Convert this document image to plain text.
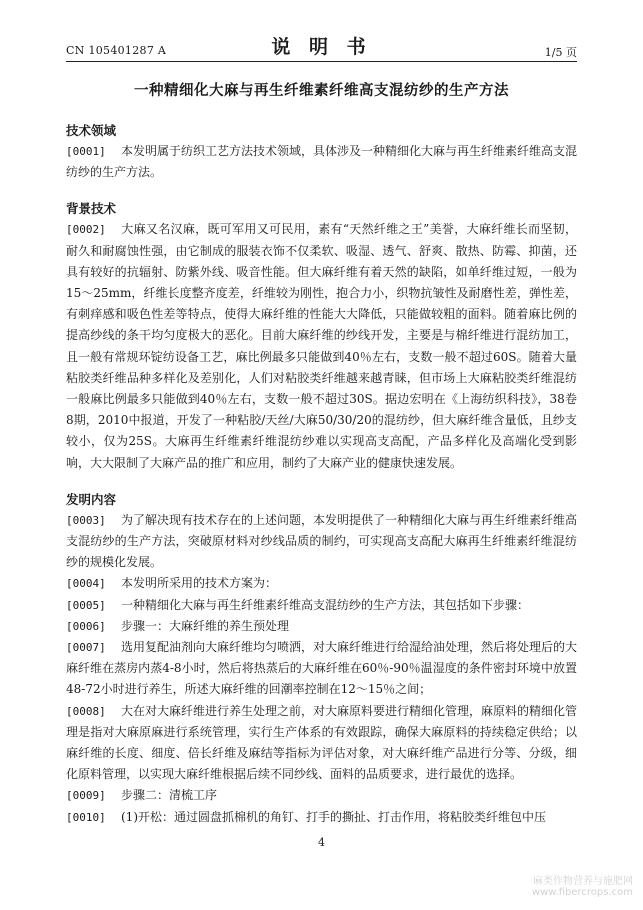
CN 105401287 A	说 明 书	1/5 页
一种精细化大麻与再生纤维素纤维高支混纺纱的生产方法
技术领域

[0001] 本发明属于纺织工艺方法技术领域，具体涉及一种精细化大麻与再生纤维素纤维高支混纺纱的生产方法。

背景技术

[0002] 大麻又名汉麻，既可军用又可民用，素有“天然纤维之王”美誉，大麻纤维长而坚韧，耐久和耐腐蚀性强，由它制成的服装衣饰不仅柔软、吸湿、透气、舒爽、散热、防霉、抑菌，还具有较好的抗辐射、防紫外线、吸音性能。但大麻纤维有着天然的缺陷，如单纤维过短，一般为15～25mm，纤维长度整齐度差，纤维较为刚性，抱合力小，织物抗皱性及耐磨性差，弹性差，有刺痒感和吸色性差等特点，使得大麻纤维的性能大大降低，只能做较粗的面料。随着麻比例的提高纱线的条干均匀度极大的恶化。目前大麻纤维的纱线开发，主要是与棉纤维进行混纺加工，且一般有常规环锭纺设备工艺，麻比例最多只能做到40％左右，支数一般不超过60S。随着大量粘胶类纤维品种多样化及差别化，人们对粘胶类纤维越来越青睐，但市场上大麻粘胶类纤维混纺一般麻比例最多只能做到40％左右，支数一般不超过30S。据边宏明在《上海纺织科技》，38卷8期，2010中报道，开发了一种粘胶/天丝/大麻50/30/20的混纺纱，但大麻纤维含量低，且纱支较小，仅为25S。大麻再生纤维素纤维混纺纱难以实现高支高配，产品多样化及高端化受到影响，大大限制了大麻产品的推广和应用，制约了大麻产业的健康快速发展。

发明内容

[0003] 为了解决现有技术存在的上述问题，本发明提供了一种精细化大麻与再生纤维素纤维高支混纺纱的生产方法，突破原材料对纱线品质的制约，可实现高支高配大麻再生纤维素纤维混纺纱的规模化发展。

[0004] 本发明所采用的技术方案为：

[0005] 一种精细化大麻与再生纤维素纤维高支混纺纱的生产方法，其包括如下步骤：

[0006] 步骤一：大麻纤维的养生预处理

[0007] 选用复配油剂向大麻纤维均匀喷洒，对大麻纤维进行给湿给油处理，然后将处理后的大麻纤维在蒸房内蒸4-8小时，然后将热蒸后的大麻纤维在60％-90％温湿度的条件密封环境中放置48-72小时进行养生，所述大麻纤维的回潮率控制在12～15％之间；

[0008] 大在对大麻纤维进行养生处理之前，对大麻原料要进行精细化管理，麻原料的精细化管理是指对大麻原麻进行系统管理，实行生产体系的有效跟踪，确保大麻原料的持续稳定供给；以麻纤维的长度、细度、倍长纤维及麻结等指标为评估对象，对大麻纤维产品进行分等、分级，细化原料管理，以实现大麻纤维根据后续不同纱线、面料的品质要求，进行最优的选择。

[0009] 步骤二：清梳工序

[0010] (1)开松：通过圆盘抓棉机的角钉、打手的撕扯、打击作用，将粘胶类纤维包中压

4
麻类作物营养与施肥网
www.fibercrops.com
